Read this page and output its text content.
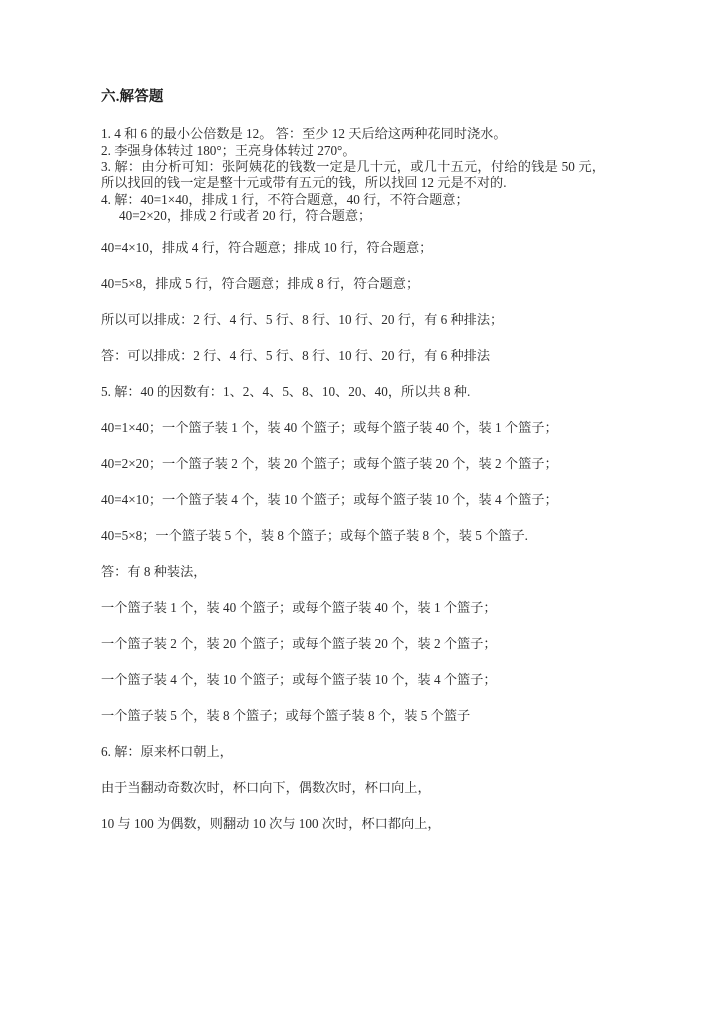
六.解答题

1. 4 和 6 的最小公倍数是 12。 答：至少 12 天后给这两种花同时浇水。

2. 李强身体转过 180°；王亮身体转过 270°。

3. 解：由分析可知：张阿姨花的钱数一定是几十元，或几十五元，付给的钱是 50 元，所以找回的钱一定是整十元或带有五元的钱，所以找回 12 元是不对的.

4. 解：40=1×40，排成 1 行，不符合题意，40 行，不符合题意；

40=2×20，排成 2 行或者 20 行，符合题意；

40=4×10，排成 4 行，符合题意；排成 10 行，符合题意；

40=5×8，排成 5 行，符合题意；排成 8 行，符合题意；

所以可以排成：2 行、4 行、5 行、8 行、10 行、20 行，有 6 种排法；

答：可以排成：2 行、4 行、5 行、8 行、10 行、20 行，有 6 种排法

5. 解：40 的因数有：1、2、4、5、8、10、20、40，所以共 8 种.

40=1×40；一个篮子装 1 个，装 40 个篮子；或每个篮子装 40 个，装 1 个篮子；

40=2×20；一个篮子装 2 个，装 20 个篮子；或每个篮子装 20 个，装 2 个篮子；

40=4×10；一个篮子装 4 个，装 10 个篮子；或每个篮子装 10 个，装 4 个篮子；

40=5×8；一个篮子装 5 个，装 8 个篮子；或每个篮子装 8 个，装 5 个篮子.

答：有 8 种装法，

一个篮子装 1 个，装 40 个篮子；或每个篮子装 40 个，装 1 个篮子；

一个篮子装 2 个，装 20 个篮子；或每个篮子装 20 个，装 2 个篮子；

一个篮子装 4 个，装 10 个篮子；或每个篮子装 10 个，装 4 个篮子；

一个篮子装 5 个，装 8 个篮子；或每个篮子装 8 个，装 5 个篮子

6. 解：原来杯口朝上，

由于当翻动奇数次时，杯口向下，偶数次时，杯口向上，

10 与 100 为偶数，则翻动 10 次与 100 次时，杯口都向上，
